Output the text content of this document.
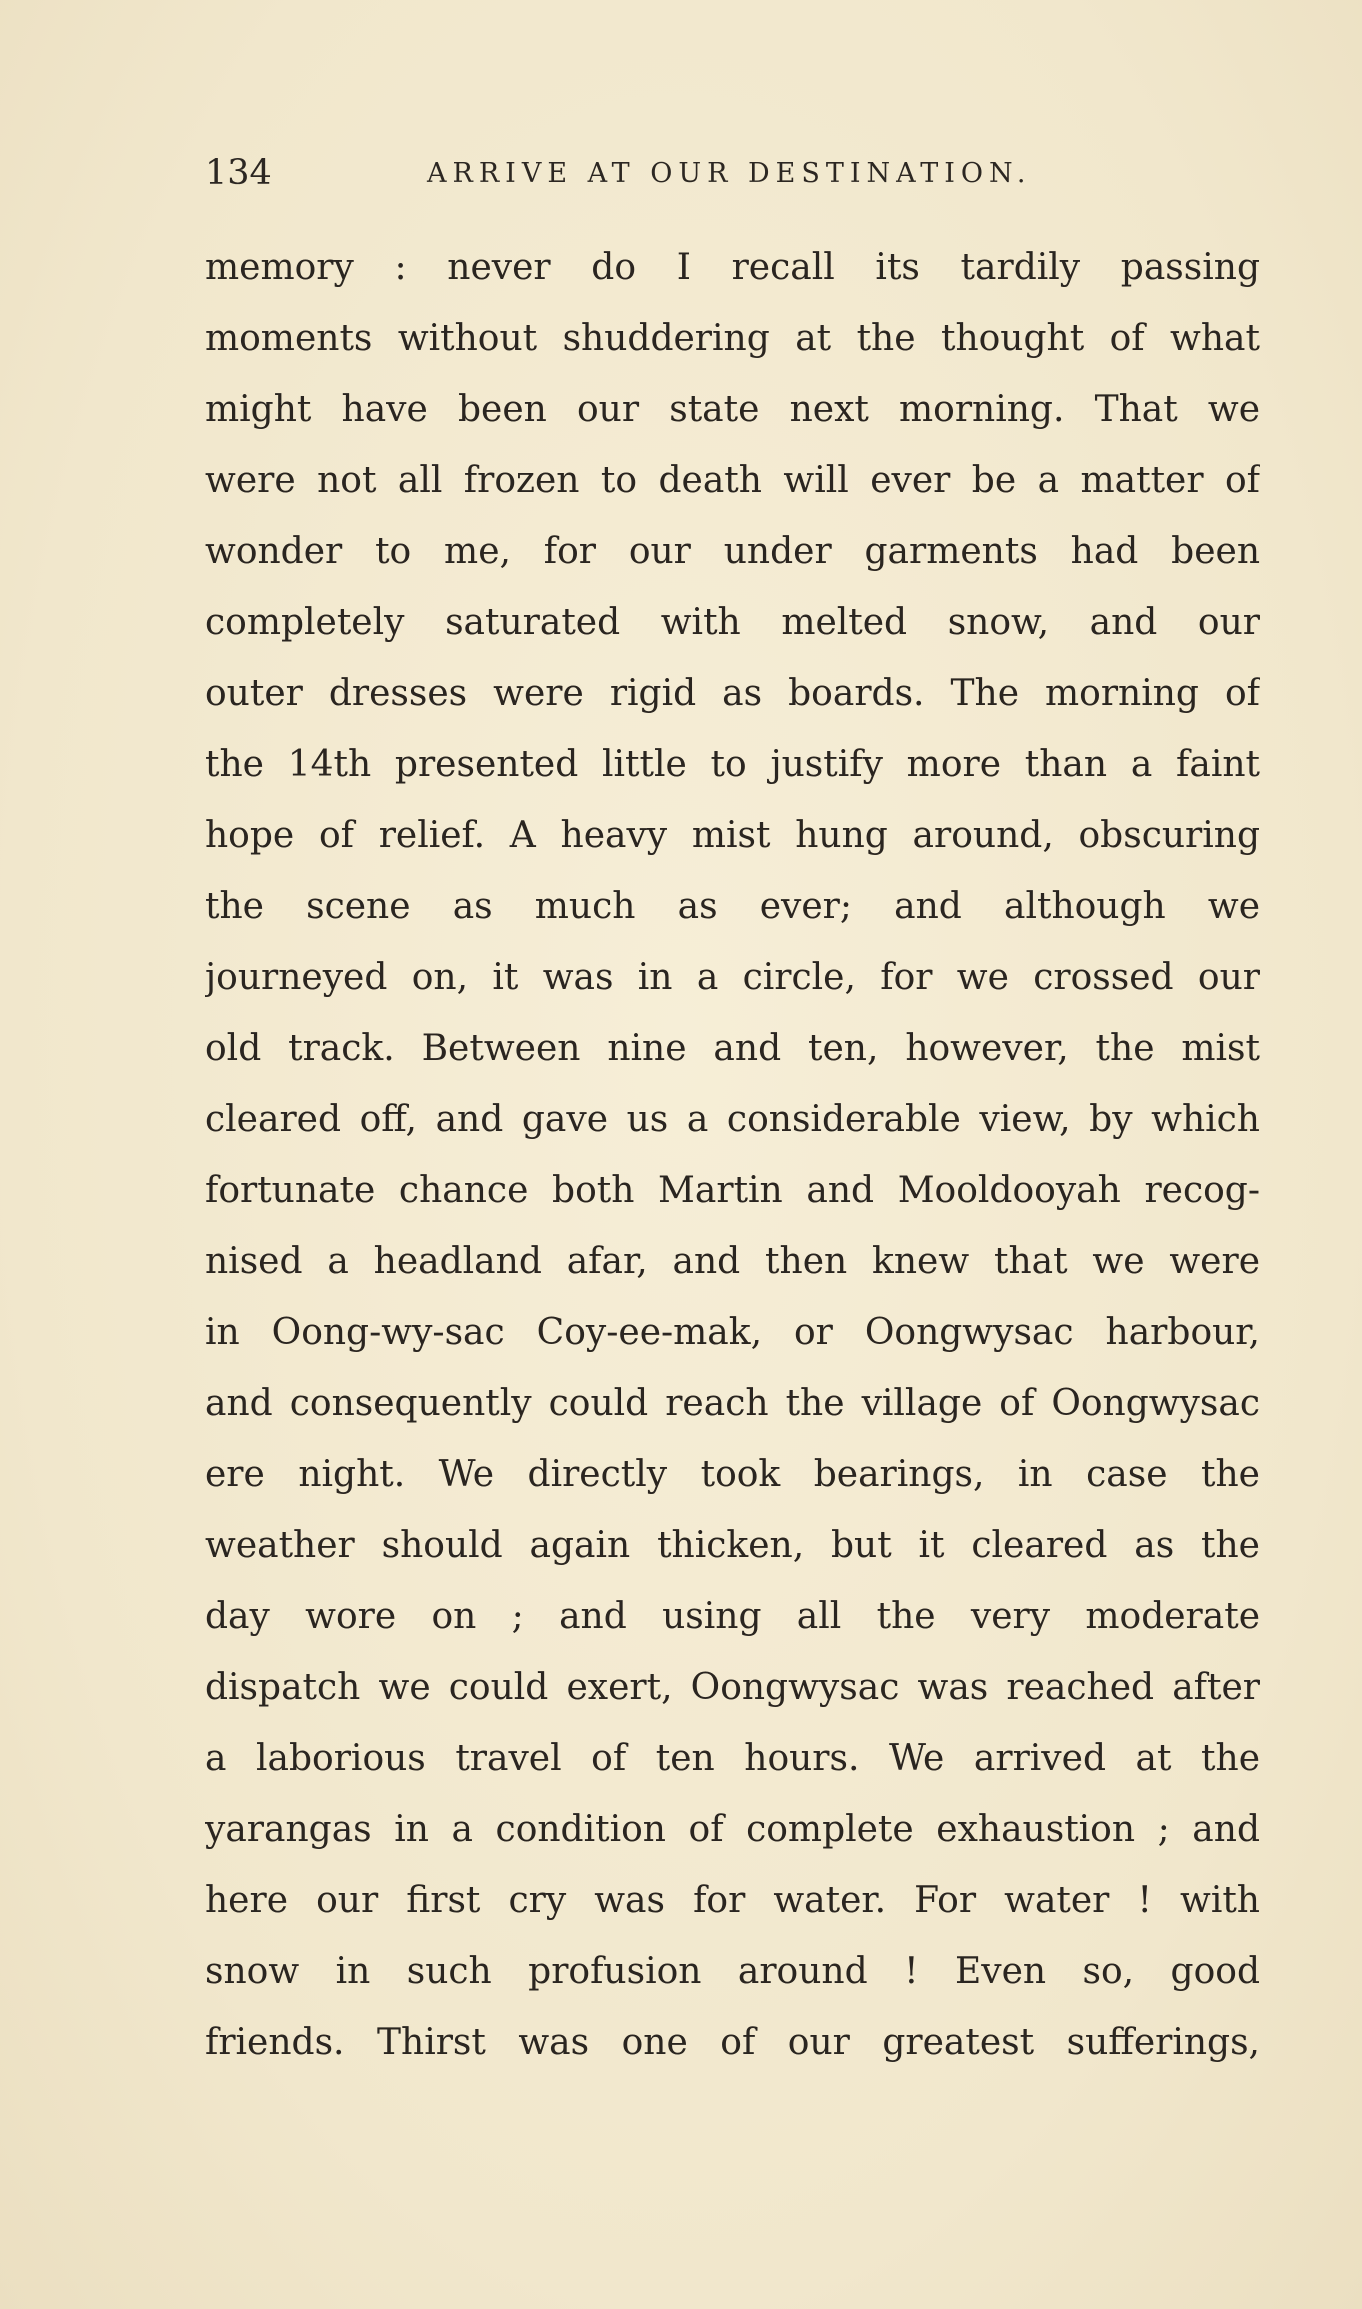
134	ARRIVE AT OUR DESTINATION.
memory : never do I recall its tardily passing
moments without shuddering at the thought of what
might have been our state next morning. That we
were not all frozen to death will ever be a matter of
wonder to me, for our under garments had been
completely saturated with melted snow, and our
outer dresses were rigid as boards. The morning of
the 14th presented little to justify more than a faint
hope of relief. A heavy mist hung around, obscuring
the scene as much as ever; and although we
journeyed on, it was in a circle, for we crossed our
old track. Between nine and ten, however, the mist
cleared off, and gave us a considerable view, by which
fortunate chance both Martin and Mooldooyah recog-
nised a headland afar, and then knew that we were
in Oong-wy-sac Coy-ee-mak, or Oongwysac harbour,
and consequently could reach the village of Oongwysac
ere night. We directly took bearings, in case the
weather should again thicken, but it cleared as the
day wore on ; and using all the very moderate
dispatch we could exert, Oongwysac was reached after
a laborious travel of ten hours. We arrived at the
yarangas in a condition of complete exhaustion ; and
here our first cry was for water. For water ! with
snow in such profusion around ! Even so, good
friends. Thirst was one of our greatest sufferings,
